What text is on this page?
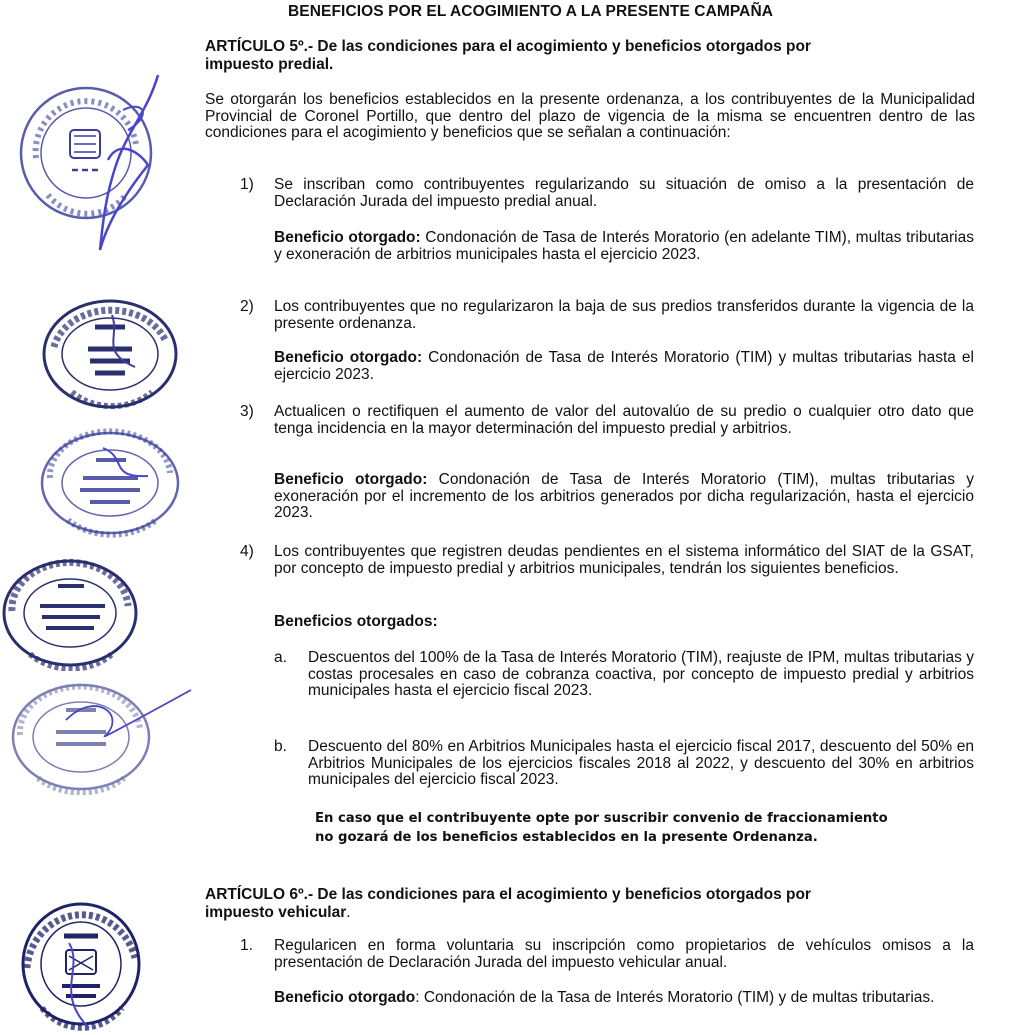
BENEFICIOS POR EL ACOGIMIENTO A LA PRESENTE CAMPAÑA
ARTÍCULO 5º.- De las condiciones para el acogimiento y beneficios otorgados por
impuesto predial.
Se otorgarán los beneficios establecidos en la presente ordenanza, a los contribuyentes de la Municipalidad Provincial de Coronel Portillo, que dentro del plazo de vigencia de la misma se encuentren dentro de las condiciones para el acogimiento y beneficios que se señalan a continuación:
1) Se inscriban como contribuyentes regularizando su situación de omiso a la presentación de Declaración Jurada del impuesto predial anual.
Beneficio otorgado: Condonación de Tasa de Interés Moratorio (en adelante TIM), multas tributarias y exoneración de arbitrios municipales hasta el ejercicio 2023.
2) Los contribuyentes que no regularizaron la baja de sus predios transferidos durante la vigencia de la presente ordenanza.
Beneficio otorgado: Condonación de Tasa de Interés Moratorio (TIM) y multas tributarias hasta el ejercicio 2023.
3) Actualicen o rectifiquen el aumento de valor del autovalúo de su predio o cualquier otro dato que tenga incidencia en la mayor determinación del impuesto predial y arbitrios.
Beneficio otorgado: Condonación de Tasa de Interés Moratorio (TIM), multas tributarias y exoneración por el incremento de los arbitrios generados por dicha regularización, hasta el ejercicio 2023.
4) Los contribuyentes que registren deudas pendientes en el sistema informático del SIAT de la GSAT, por concepto de impuesto predial y arbitrios municipales, tendrán los siguientes beneficios.
Beneficios otorgados:
a. Descuentos del 100% de la Tasa de Interés Moratorio (TIM), reajuste de IPM, multas tributarias y costas procesales en caso de cobranza coactiva, por concepto de impuesto predial y arbitrios municipales hasta el ejercicio fiscal 2023.
b. Descuento del 80% en Arbitrios Municipales hasta el ejercicio fiscal 2017, descuento del 50% en Arbitrios Municipales de los ejercicios fiscales 2018 al 2022, y descuento del 30% en arbitrios municipales del ejercicio fiscal 2023.
En caso que el contribuyente opte por suscribir convenio de fraccionamiento
no gozará de los beneficios establecidos en la presente Ordenanza.
ARTÍCULO 6º.- De las condiciones para el acogimiento y beneficios otorgados por
impuesto vehicular.
1. Regularicen en forma voluntaria su inscripción como propietarios de vehículos omisos a la presentación de Declaración Jurada del impuesto vehicular anual.
Beneficio otorgado: Condonación de la Tasa de Interés Moratorio (TIM) y de multas tributarias.
